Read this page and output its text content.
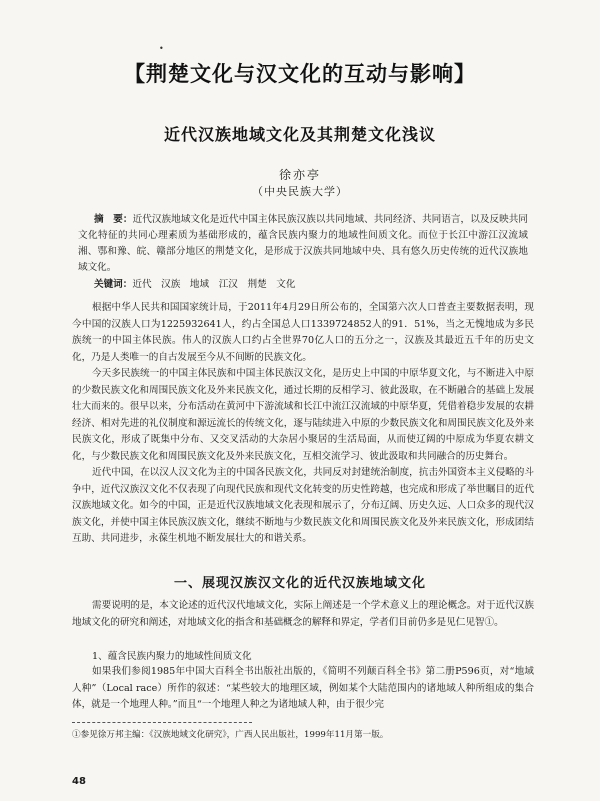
•
【荆楚文化与汉文化的互动与影响】
近代汉族地域文化及其荆楚文化浅议
徐亦亭
（中央民族大学）
摘　要：近代汉族地域文化是近代中国主体民族汉族以共同地域、共同经济、共同语言，以及反映共同文化特征的共同心理素质为基础形成的，蕴含民族内聚力的地域性间质文化。而位于长江中游江汉流域湘、鄂和豫、皖、赣部分地区的荆楚文化，是形成于汉族共同地域中央、具有悠久历史传统的近代汉族地域文化。
关键词：近代　汉族　地域　江汉　荆楚　文化

根据中华人民共和国国家统计局，于2011年4月29日所公布的，全国第六次人口普查主要数据表明，现今中国的汉族人口为1225932641人，约占全国总人口1339724852人的91．51%，当之无愧地成为多民族统一的中国主体民族。伟人的汉族人口约占全世界70亿人口的五分之一，汉族及其最近五千年的历史文化，乃是人类唯一的自古发展至今从不间断的民族文化。

今天多民族统一的中国主体民族和中国主体民族汉文化，是历史上中国的中原华夏文化，与不断进入中原的少数民族文化和周围民族文化及外来民族文化，通过长期的反相学习、彼此汲取，在不断融合的基础上发展壮大而来的。很早以来，分布活动在黄河中下游流域和长江中流江汉流域的中原华夏，凭借着稳步发展的农耕经济、相对先进的礼仪制度和源远流长的传统文化，逐与陆续进入中原的少数民族文化和周围民族文化及外来民族文化，形成了既集中分布、又交叉活动的大杂居小聚居的生活局面，从而使辽阔的中原成为华夏农耕文化，与少数民族文化和周围民族文化及外来民族文化，互相交流学习、彼此汲取和共同融合的历史舞台。

近代中国，在以汉人汉文化为主的中国各民族文化，共同反对封建统治制度，抗击外国资本主义侵略的斗争中，近代汉族汉文化不仅表现了向现代民族和现代文化转变的历史性跨越，也完成和形成了举世瞩目的近代汉族地域文化。如今的中国，正是近代汉族地域文化表现和展示了，分布辽阔、历史久远、人口众多的现代汉族文化，并使中国主体民族汉族文化，继续不断地与少数民族文化和周围民族文化及外来民族文化，形成团结互助、共同进步，永葆生机地不断发展壮大的和谐关系。

一、展现汉族汉文化的近代汉族地域文化

需要说明的是，本文论述的近代汉代地域文化，实际上阐述是一个学术意义上的理论概念。对于近代汉族地域文化的研究和阐述，对地域文化的指含和基础概念的解释和界定，学者们目前仍多是见仁见智①。

1、蕴含民族内聚力的地域性间质文化

如果我们参阅1985年中国大百科全书出版社出版的，《简明不列颠百科全书》第二册P596页，对“地域人种”（Local race）所作的叙述：“某些较大的地理区域，例如某个大陆范围内的诸地域人种所组成的集合体，就是一个地理人种。”而且“一个地理人种之为诸地域人种，由于很少完

①参见徐万邦主编：《汉族地域文化研究》，广西人民出版社，1999年11月第一版。
48
